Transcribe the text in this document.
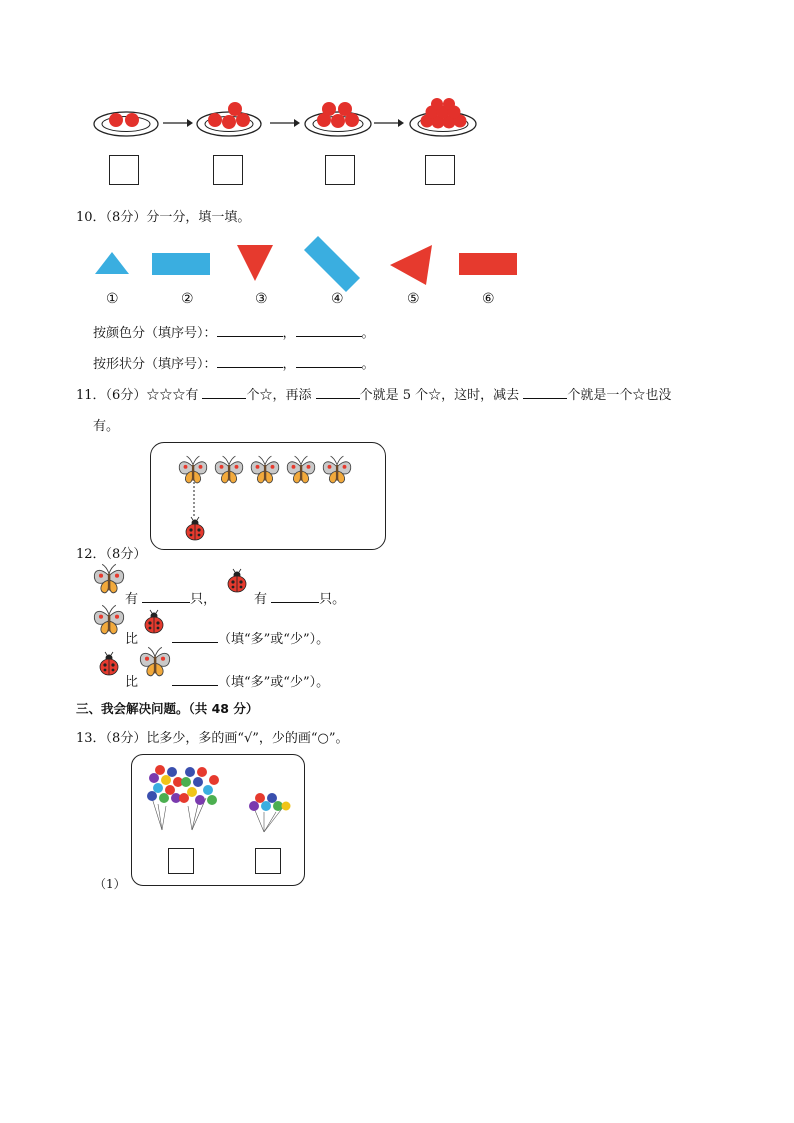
10．（8分）分一分，填一填。
①	②	③	④	⑤	⑥
按颜色分（填序号）：	，	。
按形状分（填序号）：	，	。
11．（6分）☆☆☆有	个☆，再添	个就是 5 个☆，这时，减去	个就是一个☆也没
有。
12．（8分）
有	只，	有	只。
比	（填“多”或“少”）。
比	（填“多”或“少”）。
三、我会解决问题。（共 48 分）
13．（8分）比多少，多的画“√”，少的画“○”。
（1）
